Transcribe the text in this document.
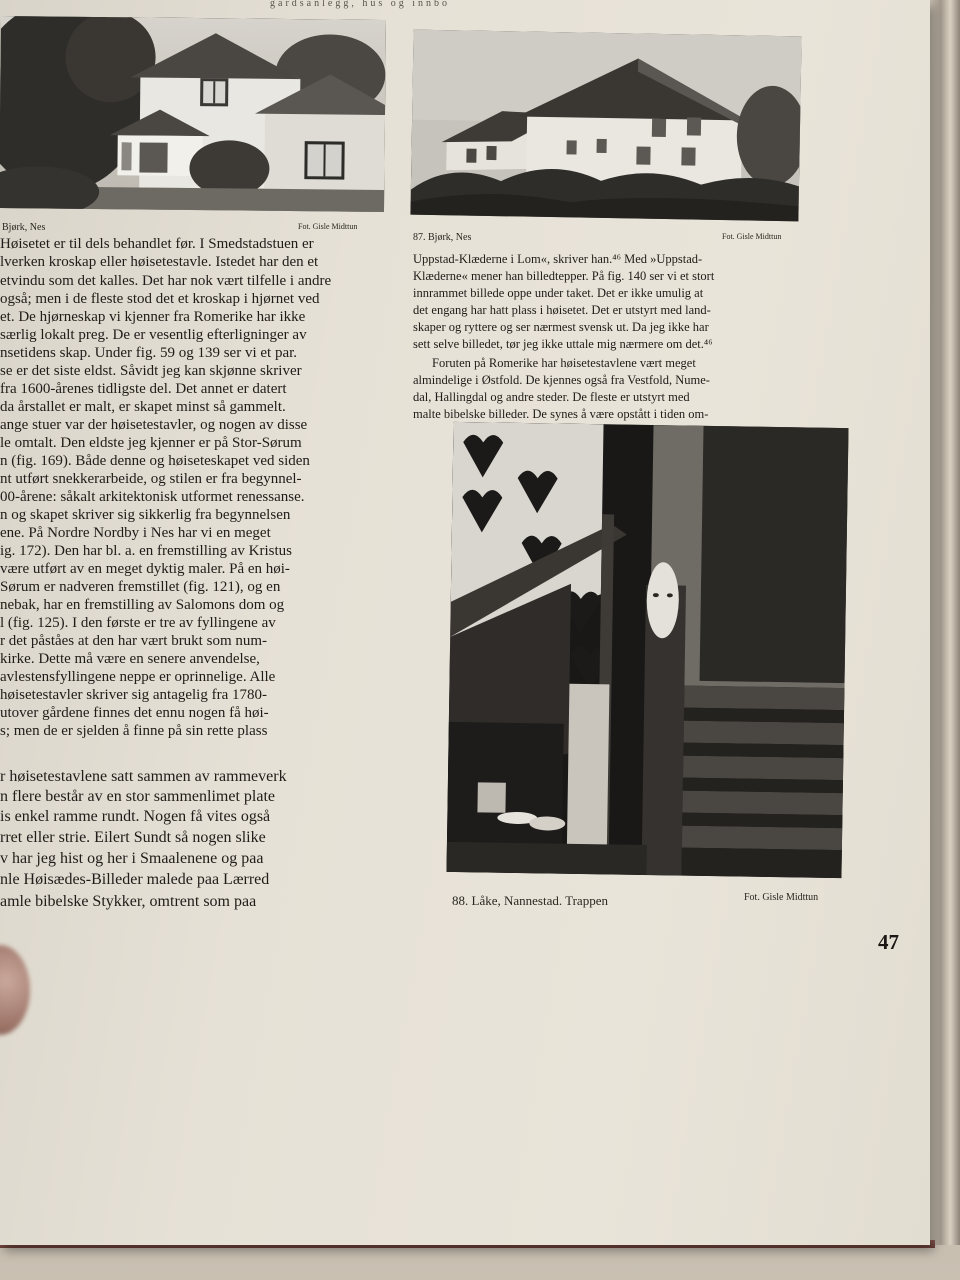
gardsanlegg, hus og innbo
Bjørk, Nes	Fot. Gisle Midttun
87. Bjørk, Nes	Fot. Gisle Midttun
88. Låke, Nannestad. Trappen	Fot. Gisle Midttun
Høisetet er til dels behandlet før. I Smedstadstuen er
lverken kroskap eller høisetestavle. Istedet har den et
etvindu som det kalles. Det har nok vært tilfelle i andre
også; men i de fleste stod det et kroskap i hjørnet ved
et. De hjørneskap vi kjenner fra Romerike har ikke
særlig lokalt preg. De er vesentlig efterligninger av
nsetidens skap. Under fig. 59 og 139 ser vi et par.
se er det siste eldst. Såvidt jeg kan skjønne skriver
fra 1600-årenes tidligste del. Det annet er datert
da årstallet er malt, er skapet minst så gammelt.
ange stuer var der høisetestavler, og nogen av disse
le omtalt. Den eldste jeg kjenner er på Stor-Sørum
n (fig. 169). Både denne og høiseteskapet ved siden
nt utført snekkerarbeide, og stilen er fra begynnel-
00-årene: såkalt arkitektonisk utformet renessanse.
n og skapet skriver sig sikkerlig fra begynnelsen
ene. På Nordre Nordby i Nes har vi en meget
ig. 172). Den har bl. a. en fremstilling av Kristus
være utført av en meget dyktig maler. På en høi-
Sørum er nadveren fremstillet (fig. 121), og en
nebak, har en fremstilling av Salomons dom og
l (fig. 125). I den første er tre av fyllingene av
r det påståes at den har vært brukt som num-
kirke. Dette må være en senere anvendelse,
avlestensfyllingene neppe er oprinnelige. Alle
høisetestavler skriver sig antagelig fra 1780-
utover gårdene finnes det ennu nogen få høi-
s; men de er sjelden å finne på sin rette plass
r høisetestavlene satt sammen av rammeverk
n flere består av en stor sammenlimet plate
is enkel ramme rundt. Nogen få vites også
rret eller strie. Eilert Sundt så nogen slike
v har jeg hist og her i Smaalenene og paa
nle Høisædes-Billeder malede paa Lærred
amle bibelske Stykker, omtrent som paa
Uppstad-Klæderne i Lom«, skriver han.⁴⁶ Med »Uppstad-
Klæderne« mener han billedtepper. På fig. 140 ser vi et stort
innrammet billede oppe under taket. Det er ikke umulig at
det engang har hatt plass i høisetet. Det er utstyrt med land-
skaper og ryttere og ser nærmest svensk ut. Da jeg ikke har
sett selve billedet, tør jeg ikke uttale mig nærmere om det.⁴⁶
Foruten på Romerike har høisetestavlene vært meget
almindelige i Østfold. De kjennes også fra Vestfold, Nume-
dal, Hallingdal og andre steder. De fleste er utstyrt med
malte bibelske billeder. De synes å være opstått i tiden om-
47
